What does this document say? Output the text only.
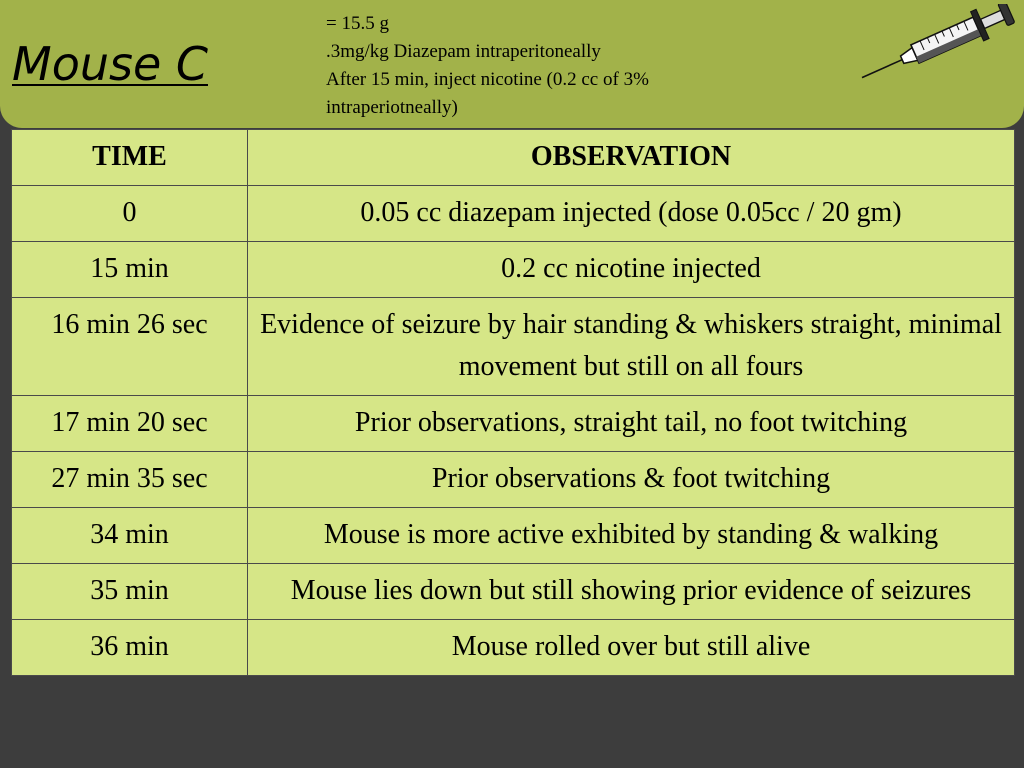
Mouse C
= 15.5 g
.3mg/kg Diazepam intraperitoneally
After 15 min, inject nicotine (0.2 cc of 3%
intraperiotneally)
TIME	OBSERVATION
0	0.05 cc diazepam injected (dose 0.05cc / 20 gm)
15 min	0.2 cc nicotine injected
16 min 26 sec	Evidence of seizure by hair standing & whiskers straight, minimal movement but still on all fours
17 min 20 sec	Prior observations, straight tail, no foot twitching
27 min 35 sec	Prior observations & foot twitching
34 min	Mouse is more active exhibited by standing & walking
35 min	Mouse lies down but still showing prior evidence of seizures
36 min	Mouse rolled over but still alive
